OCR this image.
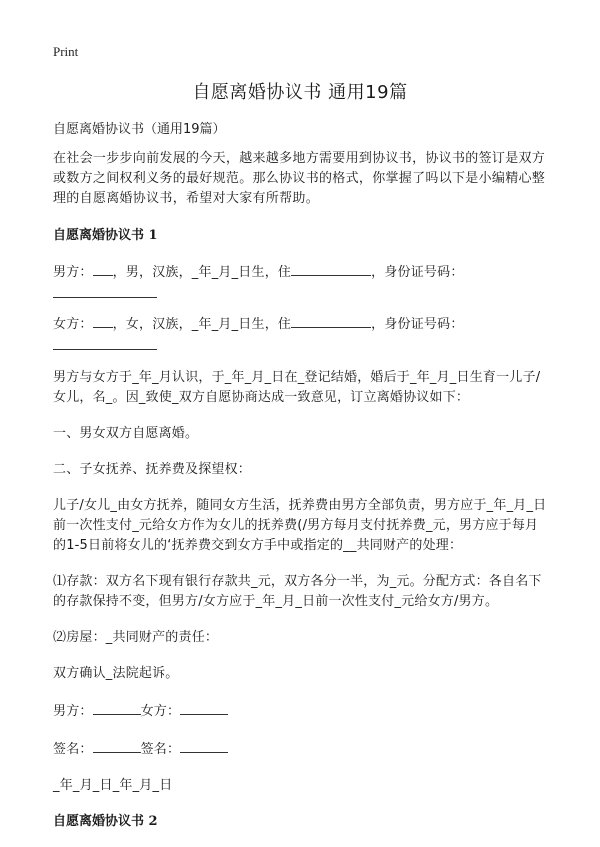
Print
自愿离婚协议书 通用19篇

自愿离婚协议书（通用19篇）

在社会一步步向前发展的今天，越来越多地方需要用到协议书，协议书的签订是双方或数方之间权利义务的最好规范。那么协议书的格式，你掌握了吗以下是小编精心整理的自愿离婚协议书，希望对大家有所帮助。

自愿离婚协议书 1

男方： ，男，汉族，_年_月_日生，住	，身份证号码：

女方： ，女，汉族，_年_月_日生，住	，身份证号码：

男方与女方于_年_月认识，于_年_月_日在_登记结婚，婚后于_年_月_日生育一儿子/女儿，名_。因_致使_双方自愿协商达成一致意见，订立离婚协议如下：

一、男女双方自愿离婚。

二、子女抚养、抚养费及探望权：

儿子/女儿_由女方抚养，随同女方生活，抚养费由男方全部负责，男方应于_年_月_日前一次性支付_元给女方作为女儿的抚养费(/男方每月支付抚养费_元，男方应于每月的1-5日前将女儿的‘抚养费交到女方手中或指定的__共同财产的处理：

⑴存款：双方名下现有银行存款共_元，双方各分一半，为_元。分配方式：各自名下的存款保持不变，但男方/女方应于_年_月_日前一次性支付_元给女方/男方。

⑵房屋：_共同财产的责任：

双方确认_法院起诉。

男方：	女方：

签名：	签名：

_年_月_日_年_月_日

自愿离婚协议书 2
